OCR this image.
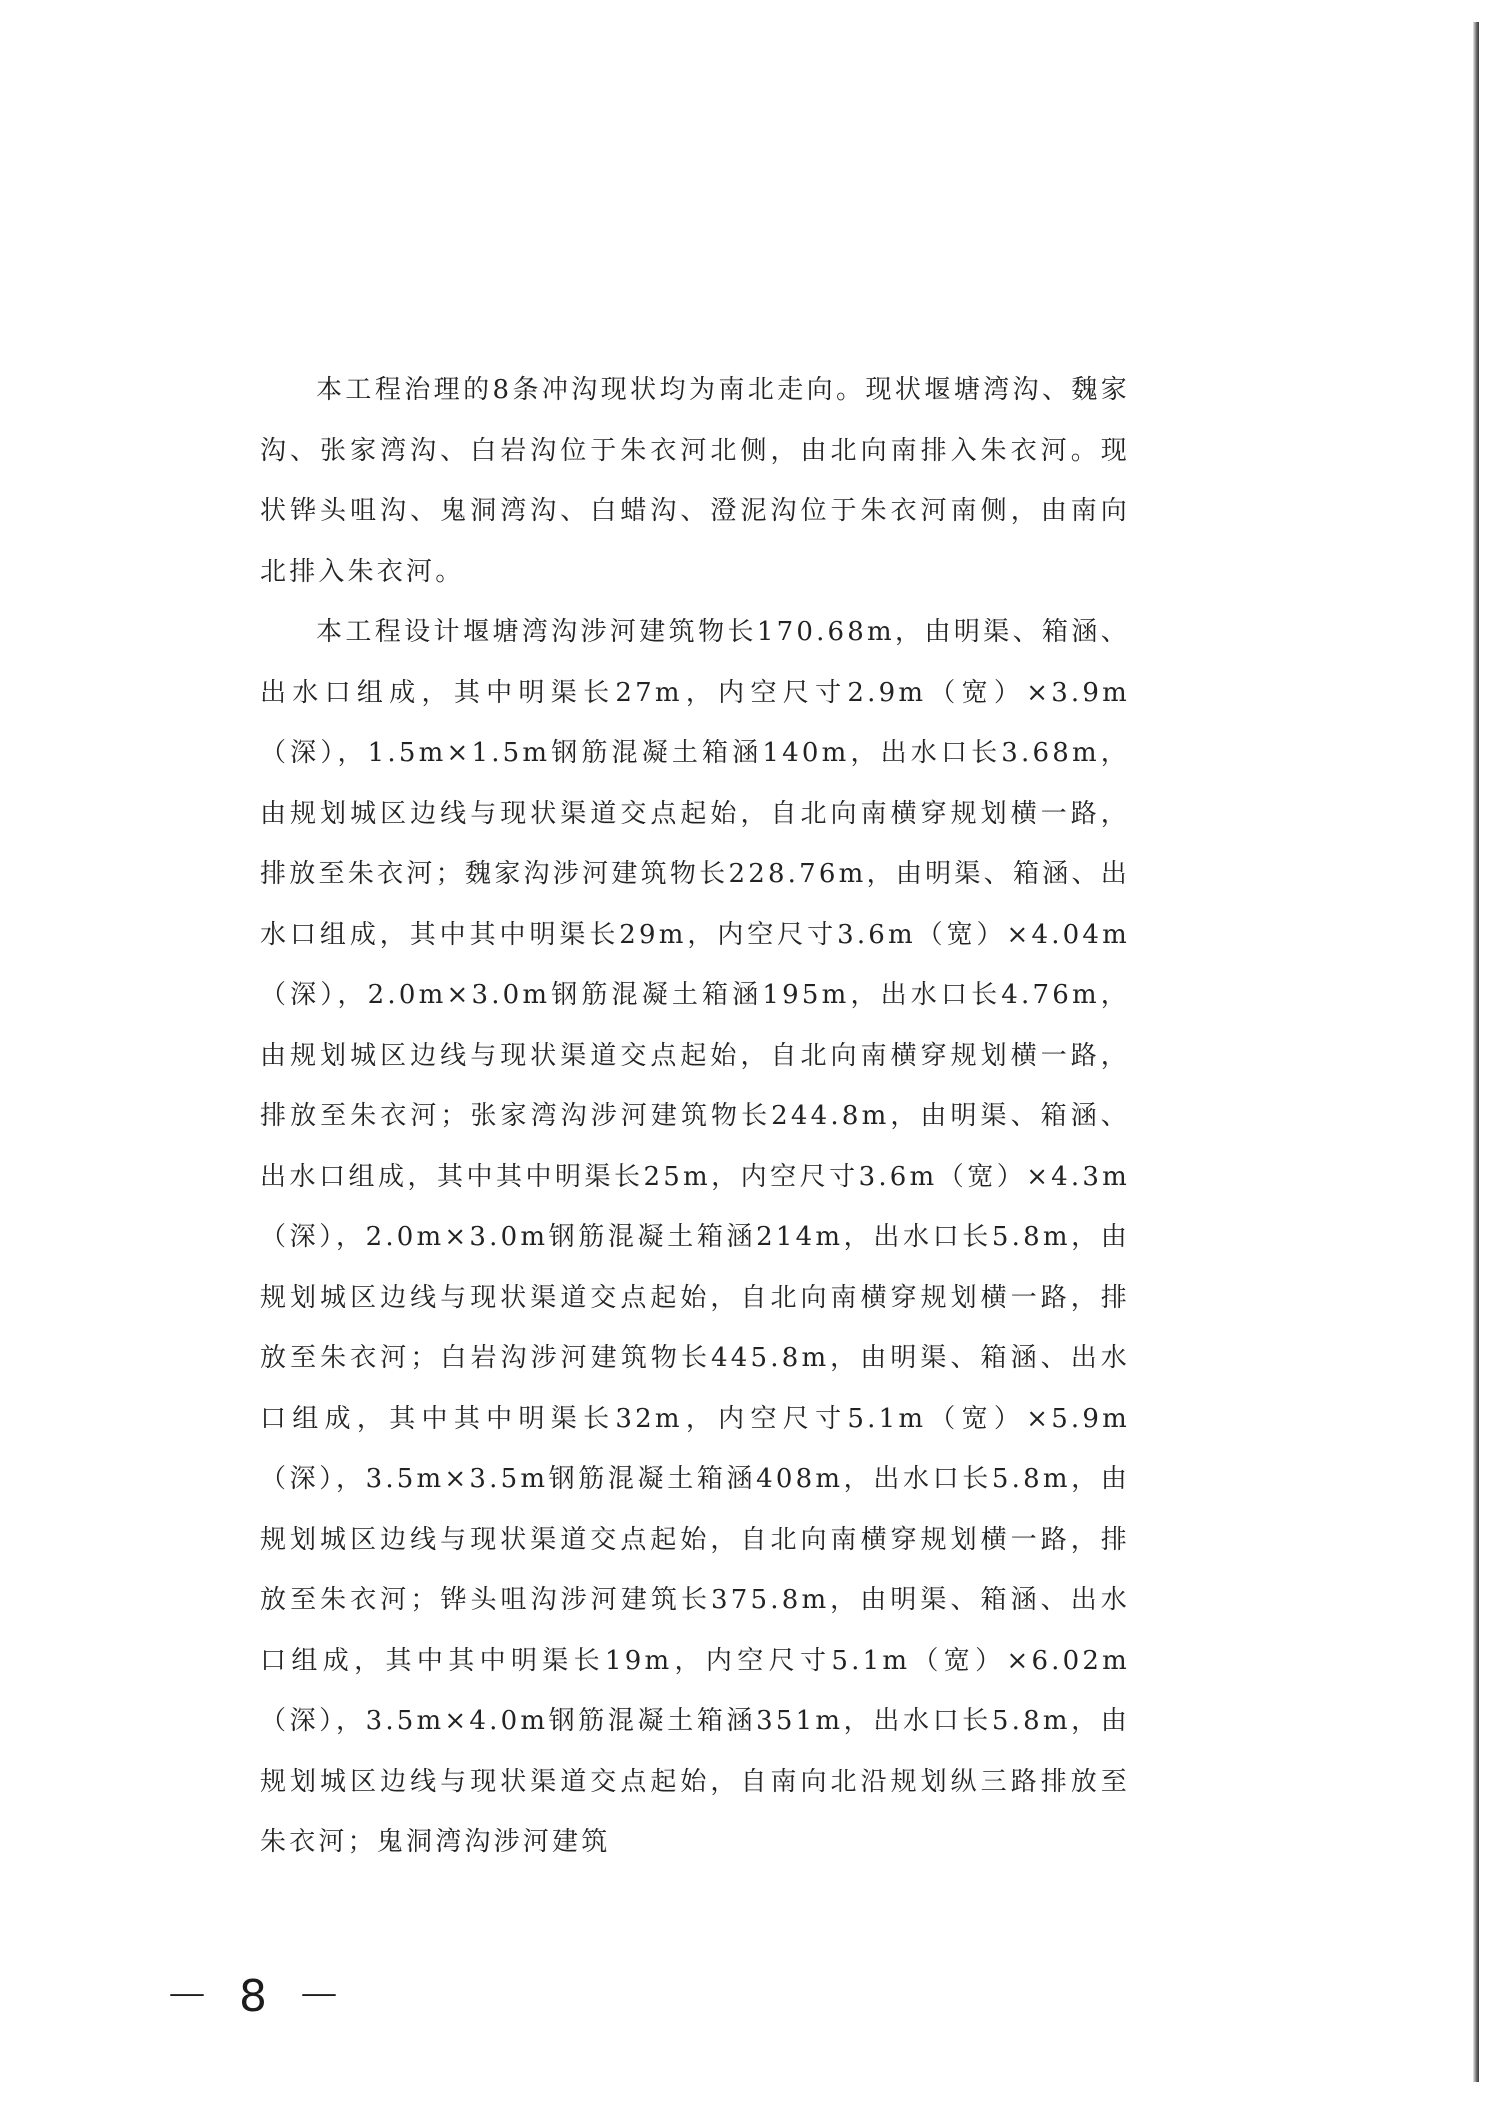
本工程治理的8条冲沟现状均为南北走向。现状堰塘湾沟、魏家沟、张家湾沟、白岩沟位于朱衣河北侧，由北向南排入朱衣河。现状铧头咀沟、鬼洞湾沟、白蜡沟、澄泥沟位于朱衣河南侧，由南向北排入朱衣河。

本工程设计堰塘湾沟涉河建筑物长170.68m，由明渠、箱涵、出水口组成，其中明渠长27m，内空尺寸2.9m（宽）×3.9m（深），1.5m×1.5m钢筋混凝土箱涵140m，出水口长3.68m，由规划城区边线与现状渠道交点起始，自北向南横穿规划横一路，排放至朱衣河；魏家沟涉河建筑物长228.76m，由明渠、箱涵、出水口组成，其中其中明渠长29m，内空尺寸3.6m（宽）×4.04m（深），2.0m×3.0m钢筋混凝土箱涵195m，出水口长4.76m，由规划城区边线与现状渠道交点起始，自北向南横穿规划横一路，排放至朱衣河；张家湾沟涉河建筑物长244.8m，由明渠、箱涵、出水口组成，其中其中明渠长25m，内空尺寸3.6m（宽）×4.3m（深），2.0m×3.0m钢筋混凝土箱涵214m，出水口长5.8m，由规划城区边线与现状渠道交点起始，自北向南横穿规划横一路，排放至朱衣河；白岩沟涉河建筑物长445.8m，由明渠、箱涵、出水口组成，其中其中明渠长32m，内空尺寸5.1m（宽）×5.9m（深），3.5m×3.5m钢筋混凝土箱涵408m，出水口长5.8m，由规划城区边线与现状渠道交点起始，自北向南横穿规划横一路，排放至朱衣河；铧头咀沟涉河建筑长375.8m，由明渠、箱涵、出水口组成，其中其中明渠长19m，内空尺寸5.1m（宽）×6.02m（深），3.5m×4.0m钢筋混凝土箱涵351m，出水口长5.8m，由规划城区边线与现状渠道交点起始，自南向北沿规划纵三路排放至朱衣河；鬼洞湾沟涉河建筑

－ 8 －
